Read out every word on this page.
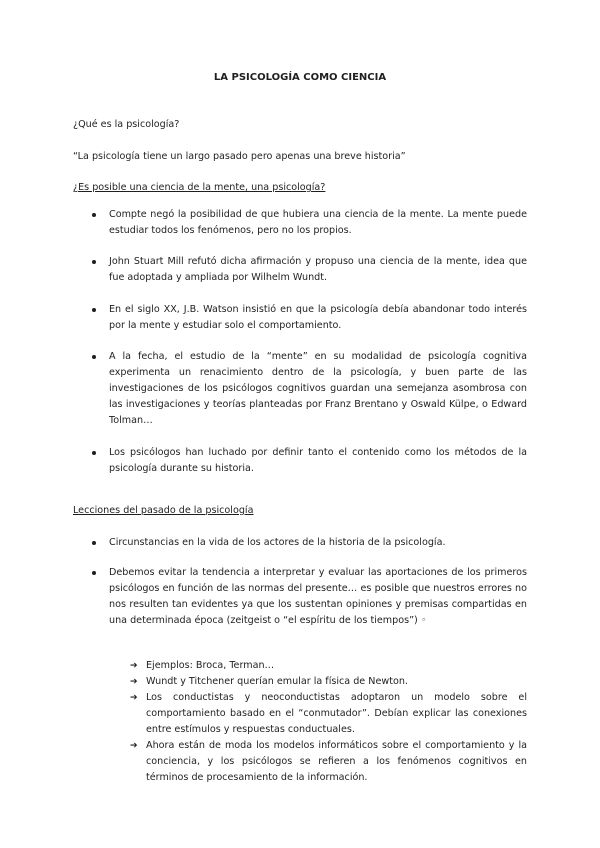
LA PSICOLOGÍA COMO CIENCIA
¿Qué es la psicología?
“La psicología tiene un largo pasado pero apenas una breve historia”
¿Es posible una ciencia de la mente, una psicología?
Compte negó la posibilidad de que hubiera una ciencia de la mente. La mente puede estudiar todos los fenómenos, pero no los propios.
John Stuart Mill refutó dicha afirmación y propuso una ciencia de la mente, idea que fue adoptada y ampliada por Wilhelm Wundt.
En el siglo XX, J.B. Watson insistió en que la psicología debía abandonar todo interés por la mente y estudiar solo el comportamiento.
A la fecha, el estudio de la “mente” en su modalidad de psicología cognitiva experimenta un renacimiento dentro de la psicología, y buen parte de las investigaciones de los psicólogos cognitivos guardan una semejanza asombrosa con las investigaciones y teorías planteadas por Franz Brentano y Oswald Külpe, o Edward Tolman…
Los psicólogos han luchado por definir tanto el contenido como los métodos de la psicología durante su historia.
Lecciones del pasado de la psicología
Circunstancias en la vida de los actores de la historia de la psicología.
Debemos evitar la tendencia a interpretar y evaluar las aportaciones de los primeros psicólogos en función de las normas del presente… es posible que nuestros errores no nos resulten tan evidentes ya que los sustentan opiniones y premisas compartidas en una determinada época (zeitgeist o “el espíritu de los tiempos”) ◦
➔ Ejemplos: Broca, Terman…
➔ Wundt y Titchener querían emular la física de Newton.
➔ Los conductistas y neoconductistas adoptaron un modelo sobre el comportamiento basado en el “conmutador”. Debían explicar las conexiones entre estímulos y respuestas conductuales.
➔ Ahora están de moda los modelos informáticos sobre el comportamiento y la conciencia, y los psicólogos se refieren a los fenómenos cognitivos en términos de procesamiento de la información.
